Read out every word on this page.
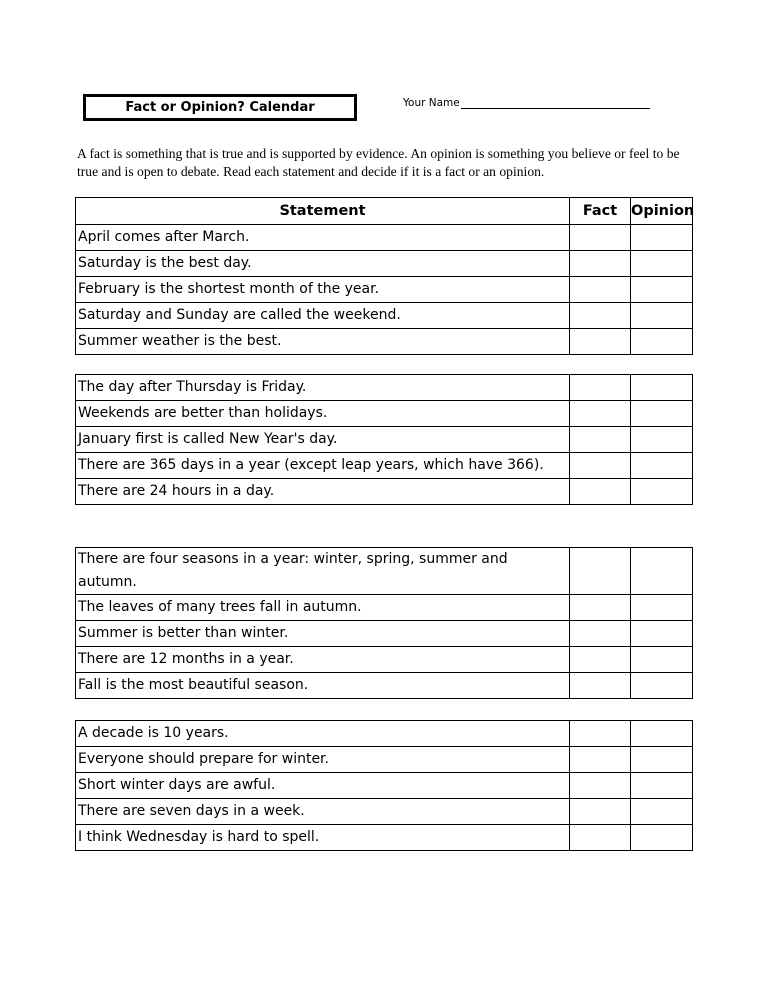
Fact or Opinion? Calendar	Your Name
A fact is something that is true and is supported by evidence. An opinion is something you believe or feel to be true and is open to debate. Read each statement and decide if it is a fact or an opinion.
Statement	Fact	Opinion
April comes after March.		
Saturday is the best day.		
February is the shortest month of the year.		
Saturday and Sunday are called the weekend.		
Summer weather is the best.		
The day after Thursday is Friday.		
Weekends are better than holidays.		
January first is called New Year's day.		
There are 365 days in a year (except leap years, which have 366).		
There are 24 hours in a day.		
There are four seasons in a year: winter, spring, summer and autumn.		
The leaves of many trees fall in autumn.		
Summer is better than winter.		
There are 12 months in a year.		
Fall is the most beautiful season.		
A decade is 10 years.		
Everyone should prepare for winter.		
Short winter days are awful.		
There are seven days in a week.		
I think Wednesday is hard to spell.		
